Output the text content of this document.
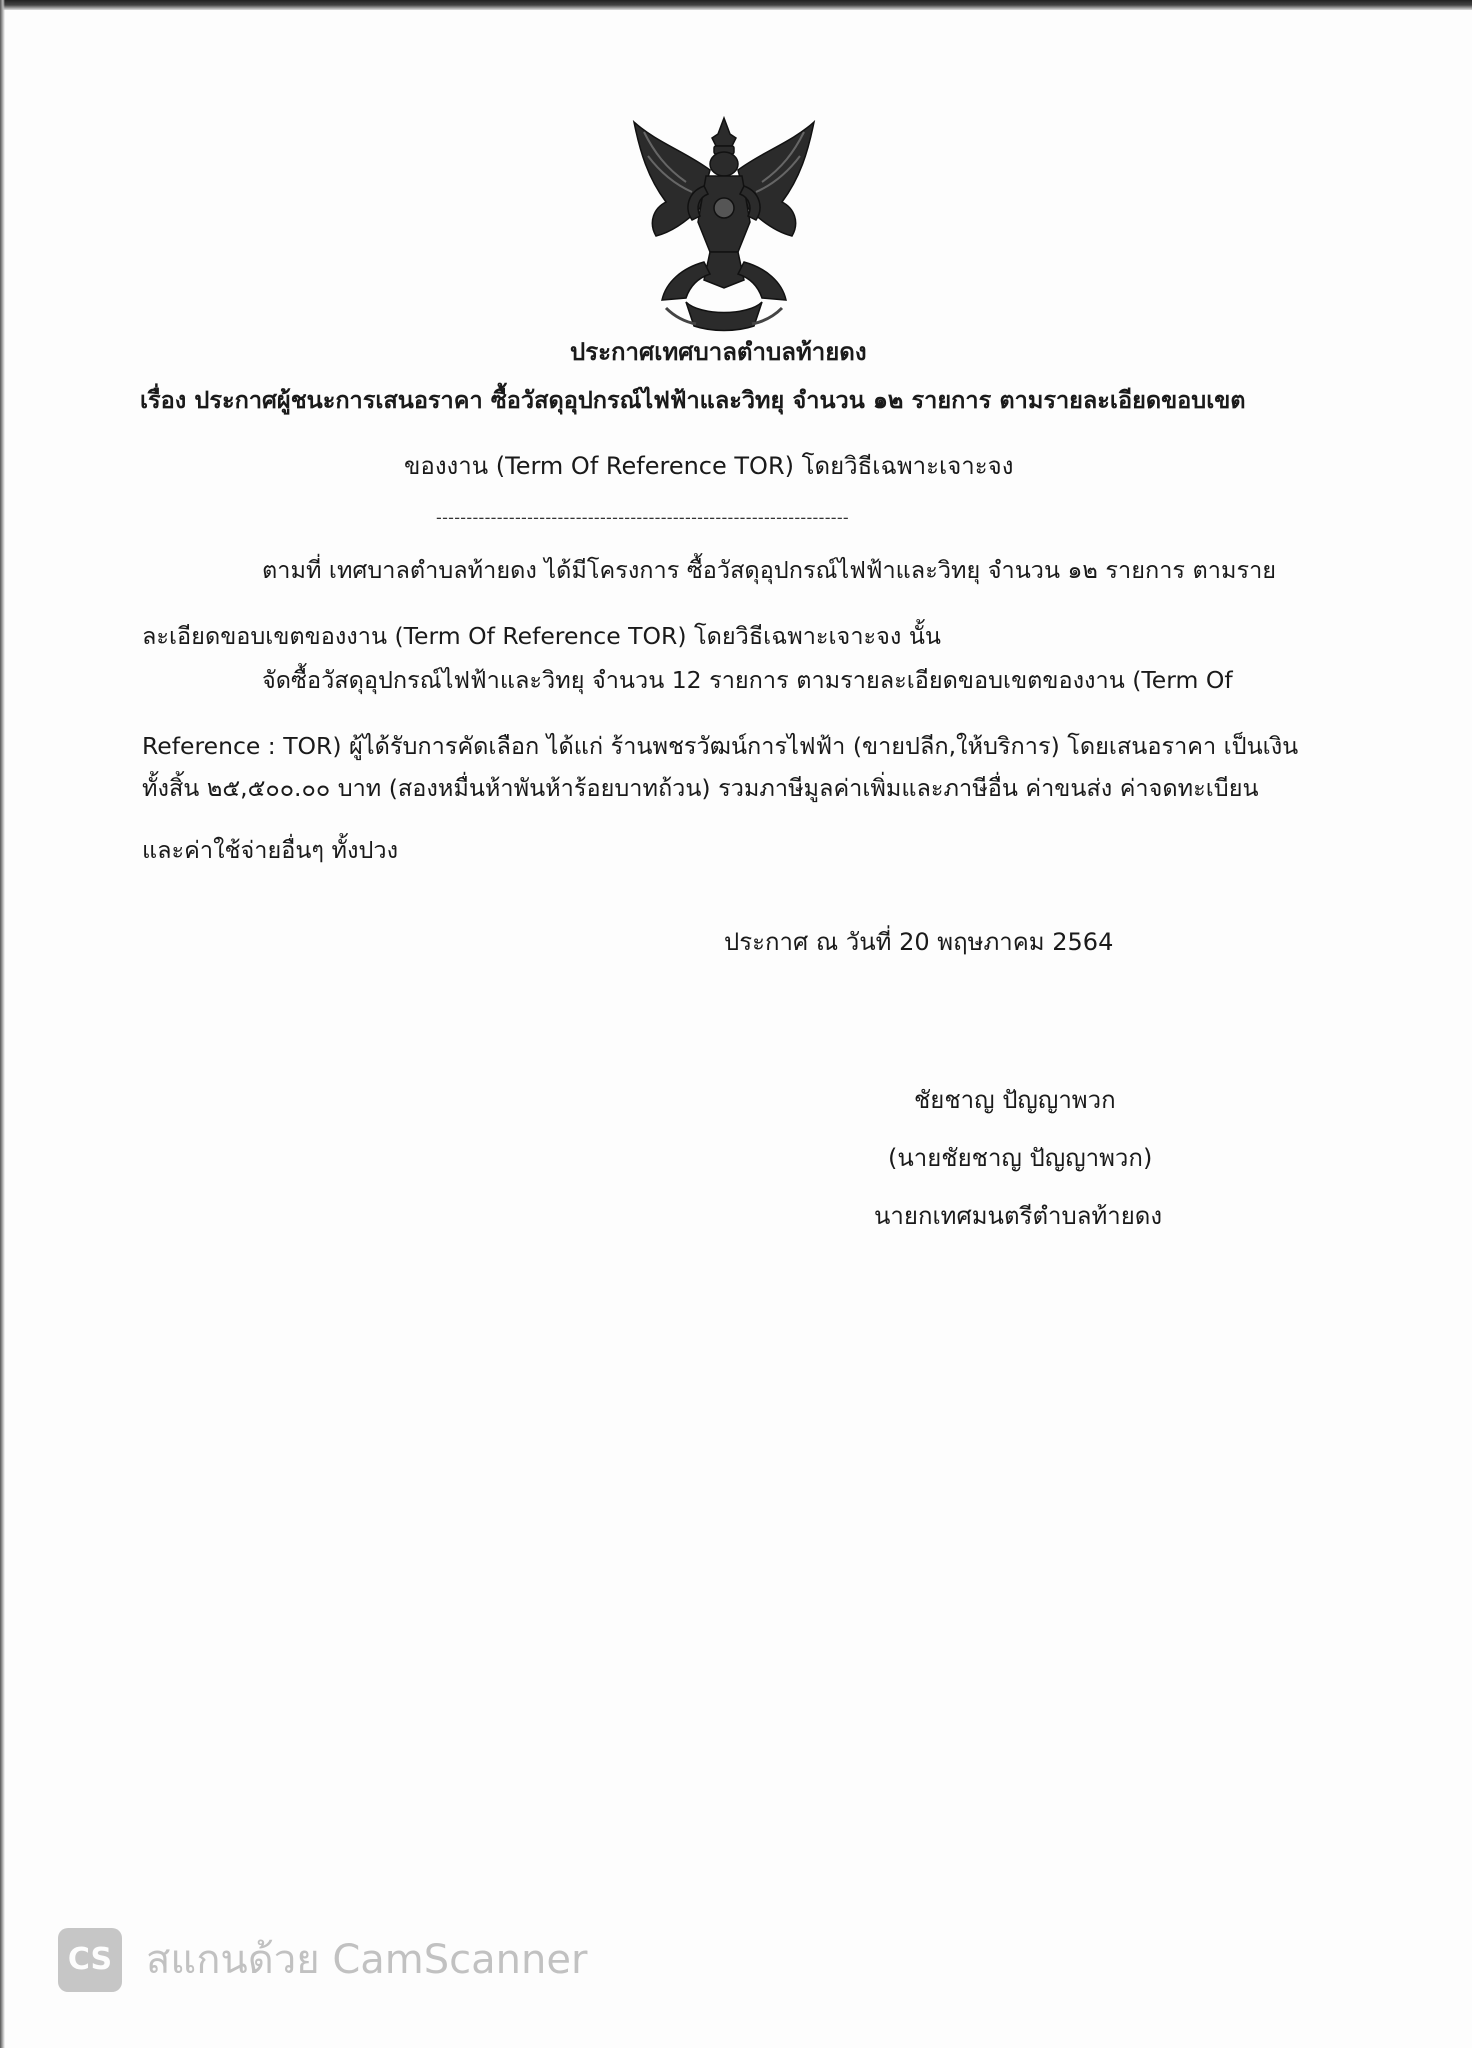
ประกาศเทศบาลตำบลท้ายดง
เรื่อง ประกาศผู้ชนะการเสนอราคา ซื้อวัสดุอุปกรณ์ไฟฟ้าและวิทยุ จำนวน ๑๒ รายการ ตามรายละเอียดขอบเขต
ของงาน (Term Of Reference TOR) โดยวิธีเฉพาะเจาะจง
--------------------------------------------------------------------
ตามที่ เทศบาลตำบลท้ายดง ได้มีโครงการ ซื้อวัสดุอุปกรณ์ไฟฟ้าและวิทยุ จำนวน ๑๒ รายการ ตามราย
ละเอียดขอบเขตของงาน (Term Of Reference TOR) โดยวิธีเฉพาะเจาะจง นั้น
จัดซื้อวัสดุอุปกรณ์ไฟฟ้าและวิทยุ จำนวน 12 รายการ ตามรายละเอียดขอบเขตของงาน (Term Of
Reference : TOR) ผู้ได้รับการคัดเลือก ได้แก่ ร้านพชรวัฒน์การไฟฟ้า (ขายปลีก,ให้บริการ) โดยเสนอราคา เป็นเงิน
ทั้งสิ้น ๒๕,๕๐๐.๐๐ บาท (สองหมื่นห้าพันห้าร้อยบาทถ้วน) รวมภาษีมูลค่าเพิ่มและภาษีอื่น ค่าขนส่ง ค่าจดทะเบียน
และค่าใช้จ่ายอื่นๆ ทั้งปวง
ประกาศ ณ วันที่ 20 พฤษภาคม 2564
ชัยชาญ ปัญญาพวก
(นายชัยชาญ ปัญญาพวก)
นายกเทศมนตรีตำบลท้ายดง
CS สแกนด้วย CamScanner
